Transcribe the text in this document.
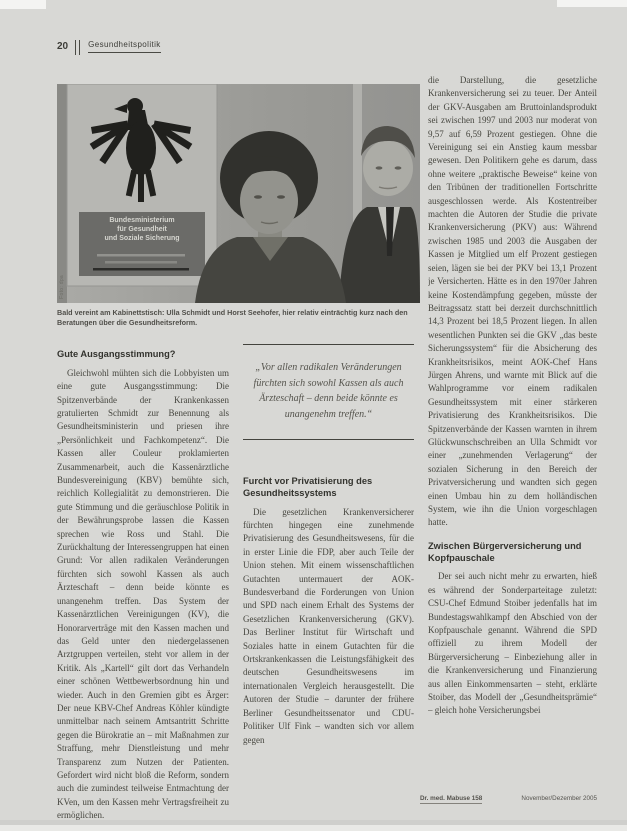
20	Gesundheitspolitik
Bundesministerium
für Gesundheit
und Soziale Sicherung
Foto: dpa
Bald vereint am Kabinettstisch: Ulla Schmidt und Horst Seehofer, hier relativ einträchtig kurz nach den Beratungen über die Gesundheitsreform.
Gute Ausgangsstimmung?

Gleichwohl mühten sich die Lobbyisten um eine gute Ausgangsstimmung: Die Spitzenverbände der Krankenkassen gratulierten Schmidt zur Benennung als Gesundheitsministerin und priesen ihre „Persönlichkeit und Fachkompetenz“. Die Kassen aller Couleur proklamierten Zusammenarbeit, auch die Kassenärztliche Bundesvereinigung (KBV) bemühte sich, reichlich Kollegialität zu demonstrieren. Die gute Stimmung und die geräuschlose Politik in der Bewährungsprobe lassen die Kassen sprechen wie Ross und Stahl. Die Zurückhaltung der Interessengruppen hat einen Grund: Vor allen radikalen Veränderungen fürchten sich sowohl Kassen als auch Ärzteschaft – denn beide könnte es unangenehm treffen. Das System der Kassenärztlichen Vereinigungen (KV), die Honorarverträge mit den Kassen machen und das Geld unter den niedergelassenen Arztgruppen verteilen, steht vor allem in der Kritik. Als „Kartell“ gilt dort das Verhandeln einer schönen Wettbewerbsordnung hin und wieder. Auch in den Gremien gibt es Ärger: Der neue KBV-Chef Andreas Köhler kündigte unmittelbar nach seinem Amtsantritt Schritte gegen die Bürokratie an – mit Maßnahmen zur Straffung, mehr Dienstleistung und mehr Transparenz zum Nutzen der Patienten. Gefordert wird nicht bloß die Reform, sondern auch die zumindest teilweise Entmachtung der KVen, um den Kassen mehr Vertragsfreiheit zu ermöglichen.

„Vor allen radikalen Veränderungen fürchten sich sowohl Kassen als auch Ärzteschaft – denn beide könnte es unangenehm treffen.“
Furcht vor Privatisierung des Gesundheitssystems

Die gesetzlichen Krankenversicherer fürchten hingegen eine zunehmende Privatisierung des Gesundheitswesens, für die in erster Linie die FDP, aber auch Teile der Union stehen. Mit einem wissenschaftlichen Gutachten untermauert der AOK-Bundesverband die Forderungen von Union und SPD nach einem Erhalt des Systems der Gesetzlichen Krankenversicherung (GKV). Das Berliner Institut für Wirtschaft und Soziales hatte in einem Gutachten für die Ortskrankenkassen die Leistungsfähigkeit des deutschen Gesundheitswesens im internationalen Vergleich herausgestellt. Die Autoren der Studie – darunter der frühere Berliner Gesundheitssenator und CDU-Politiker Ulf Fink – wandten sich vor allem gegen

die Darstellung, die gesetzliche Krankenversicherung sei zu teuer. Der Anteil der GKV-Ausgaben am Bruttoinlandsprodukt sei zwischen 1997 und 2003 nur moderat von 9,57 auf 6,59 Prozent gestiegen. Ohne die Vereinigung sei ein Anstieg kaum messbar gewesen. Den Politikern gehe es darum, dass ohne weitere „praktische Beweise“ keine von den Tribünen der traditionellen Fortschritte ausgeschlossen werde. Als Kostentreiber machten die Autoren der Studie die private Krankenversicherung (PKV) aus: Während zwischen 1985 und 2003 die Ausgaben der Kassen je Mitglied um elf Prozent gestiegen seien, lägen sie bei der PKV bei 13,1 Prozent je Versicherten. Hätte es in den 1970er Jahren keine Kostendämpfung gegeben, müsste der Beitragssatz statt bei derzeit durchschnittlich 14,3 Prozent bei 18,5 Prozent liegen. In allen wesentlichen Punkten sei die GKV „das beste Sicherungssystem“ für die Absicherung des Krankheitsrisikos, meint AOK-Chef Hans Jürgen Ahrens, und warnte mit Blick auf die Wahlprogramme vor einem radikalen Gesundheitssystem mit einer stärkeren Privatisierung des Krankheitsrisikos. Die Spitzenverbände der Kassen warnten in ihrem Glückwunschschreiben an Ulla Schmidt vor einer „zunehmenden Verlagerung“ der sozialen Sicherung in den Bereich der Privatversicherung und wandten sich gegen einen Umbau hin zu dem holländischen System, wie ihn die Union vorgeschlagen hatte.

Zwischen Bürgerversicherung und Kopfpauschale

Der sei auch nicht mehr zu erwarten, hieß es während der Sonderparteitage zuletzt: CSU-Chef Edmund Stoiber jedenfalls hat im Bundestagswahlkampf den Abschied von der Kopfpauschale genannt. Während die SPD offiziell zu ihrem Modell der Bürgerversicherung – Einbeziehung aller in die Krankenversicherung und Finanzierung aus allen Einkommensarten – steht, erklärte Stoiber, das Modell der „Gesundheitsprämie“ – gleich hohe Versicherungsbei

Dr. med. Mabuse 158	November/Dezember 2005
